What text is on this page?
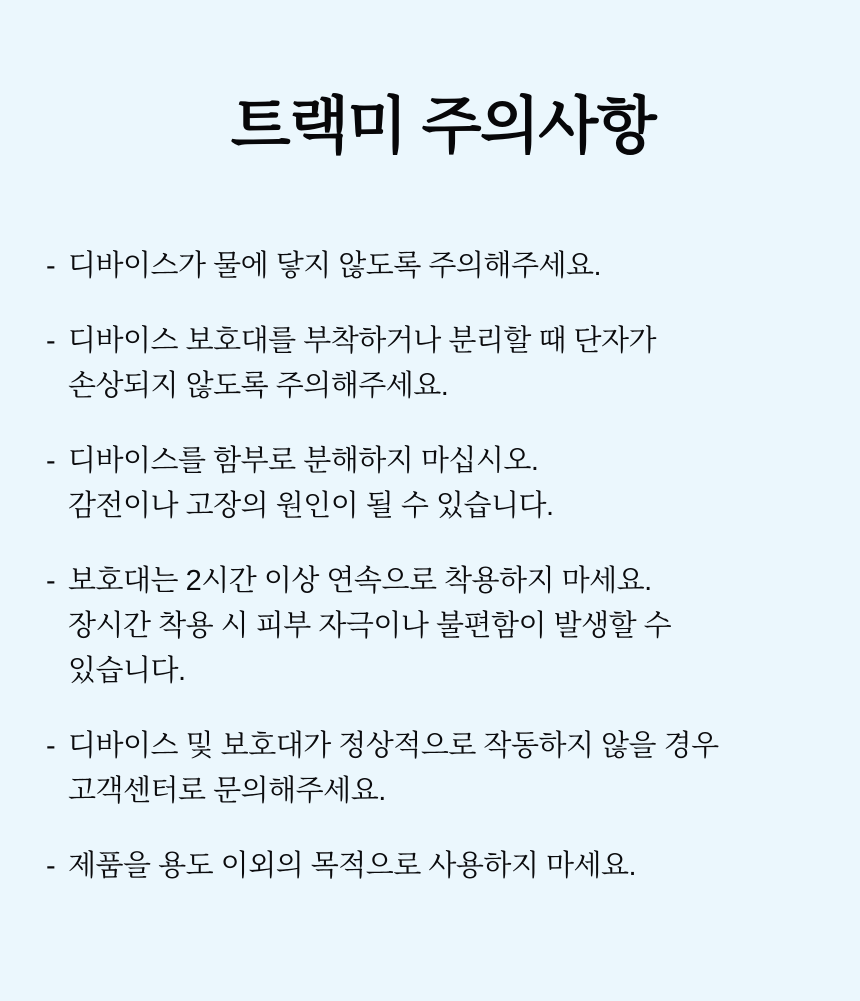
트랙미 주의사항
- 디바이스가 물에 닿지 않도록 주의해주세요.
- 디바이스 보호대를 부착하거나 분리할 때 단자가
손상되지 않도록 주의해주세요.
- 디바이스를 함부로 분해하지 마십시오.
감전이나 고장의 원인이 될 수 있습니다.
- 보호대는 2시간 이상 연속으로 착용하지 마세요.
장시간 착용 시 피부 자극이나 불편함이 발생할 수
있습니다.
- 디바이스 및 보호대가 정상적으로 작동하지 않을 경우
고객센터로 문의해주세요.
- 제품을 용도 이외의 목적으로 사용하지 마세요.
